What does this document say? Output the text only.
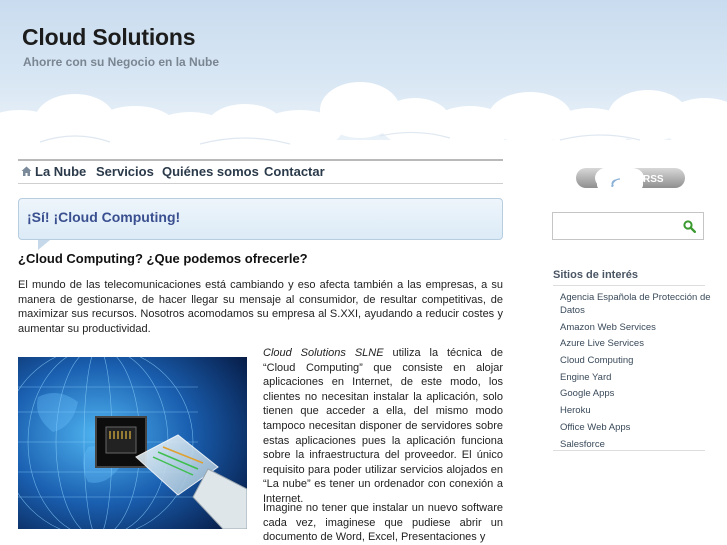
Cloud Solutions
Ahorre con su Negocio en la Nube
La Nube Servicios Quiénes somos Contactar
¡Sí! ¡Cloud Computing!
¿Cloud Computing? ¿Que podemos ofrecerle?

El mundo de las telecomunicaciones está cambiando y eso afecta también a las empresas, a su manera de gestionarse, de hacer llegar su mensaje al consumidor, de resultar competitivas, de maximizar sus recursos. Nosotros acomodamos su empresa al S.XXI, ayudando a reducir costes y aumentar su productividad.

Cloud Solutions SLNE utiliza la técnica de “Cloud Computing” que consiste en alojar aplicaciones en Internet, de este modo, los clientes no necesitan instalar la aplicación, solo tienen que acceder a ella, del mismo modo tampoco necesitan disponer de servidores sobre estas aplicaciones pues la aplicación funciona sobre la infraestructura del proveedor. El único requisito para poder utilizar servicios alojados en “La nube” es tener un ordenador con conexión a Internet.

Imagine no tener que instalar un nuevo software cada vez, imaginese que pudiese abrir un documento de Word, Excel, Presentaciones y

RSS
Sitios de interés
Agencia Española de Protección de Datos
Amazon Web Services
Azure Live Services
Cloud Computing
Engine Yard
Google Apps
Heroku
Office Web Apps
Salesforce
